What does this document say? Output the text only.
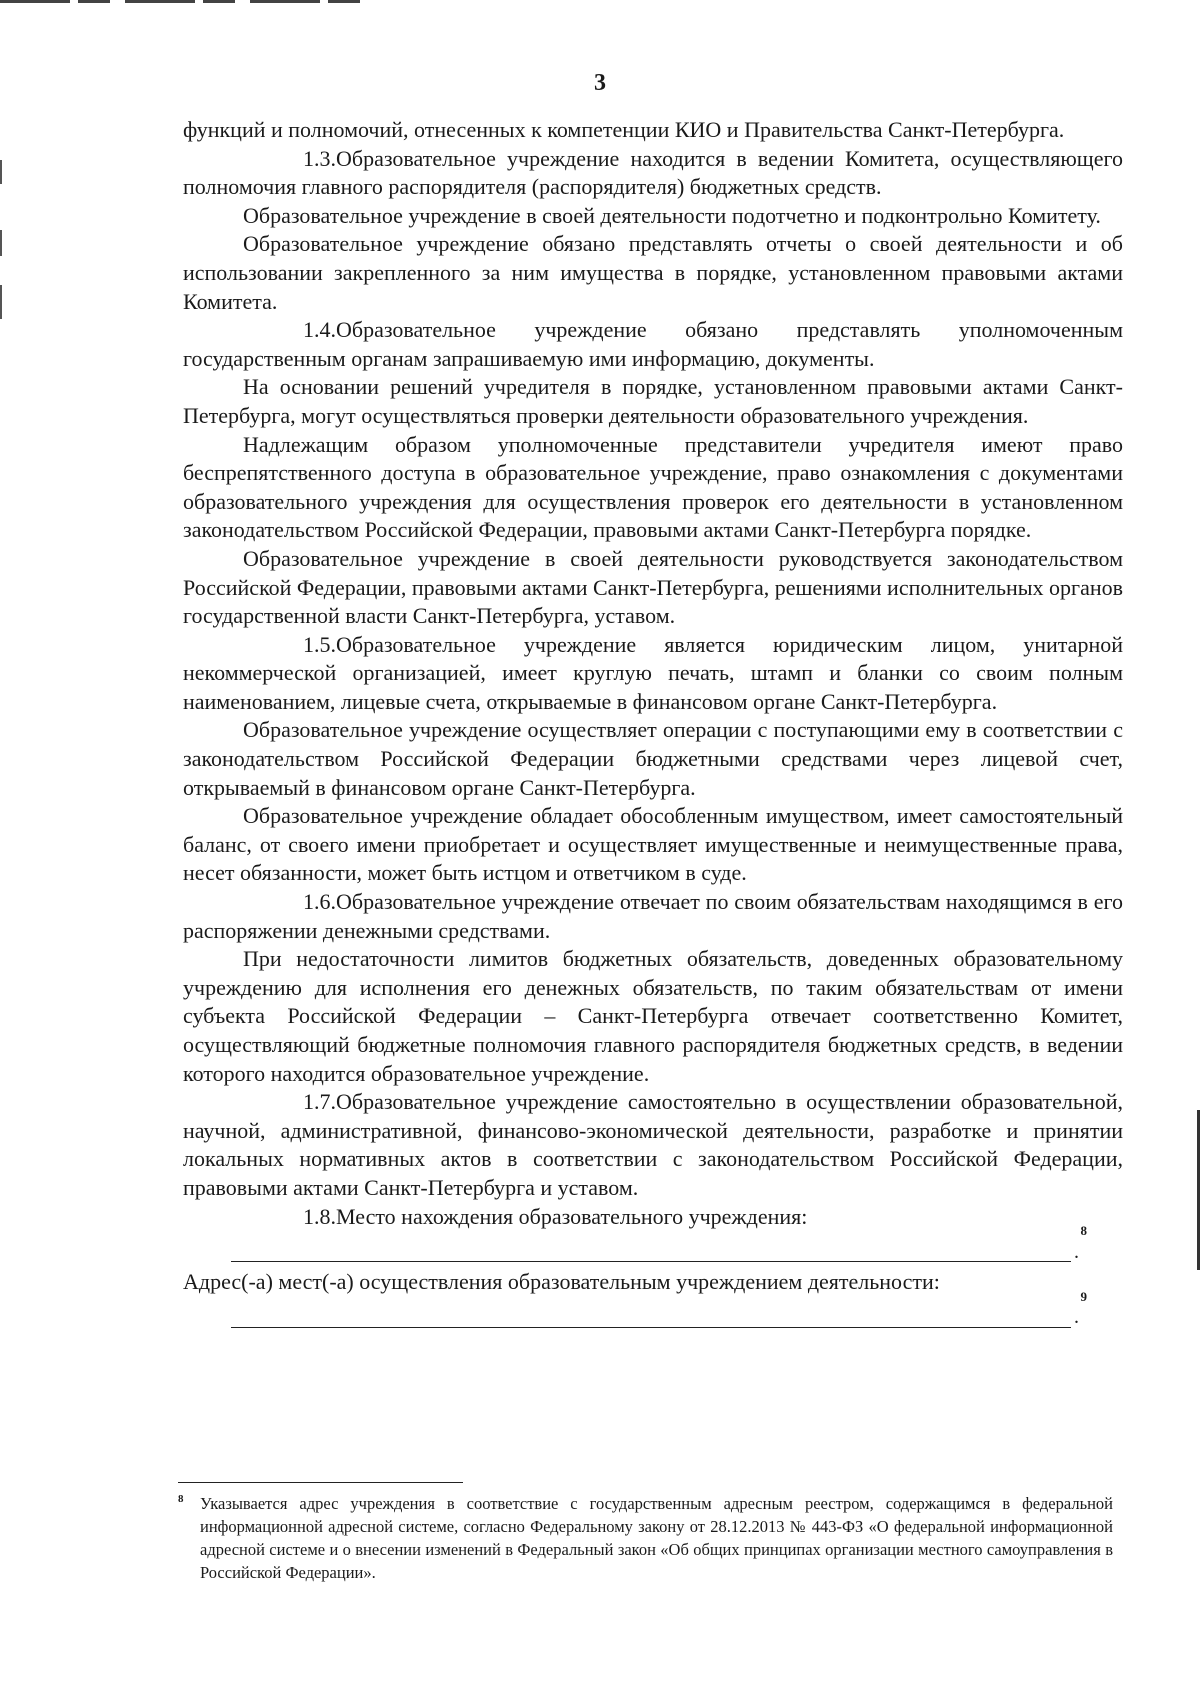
3

функций и полномочий, отнесенных к компетенции КИО и Правительства Санкт-Петербурга.

1.3.Образовательное учреждение находится в ведении Комитета, осуществляющего полномочия главного распорядителя (распорядителя) бюджетных средств.

Образовательное учреждение в своей деятельности подотчетно и подконтрольно Комитету.

Образовательное учреждение обязано представлять отчеты о своей деятельности и об использовании закрепленного за ним имущества в порядке, установленном правовыми актами Комитета.

1.4.Образовательное учреждение обязано представлять уполномоченным государственным органам запрашиваемую ими информацию, документы.

На основании решений учредителя в порядке, установленном правовыми актами Санкт-Петербурга, могут осуществляться проверки деятельности образовательного учреждения.

Надлежащим образом уполномоченные представители учредителя имеют право беспрепятственного доступа в образовательное учреждение, право ознакомления с документами образовательного учреждения для осуществления проверок его деятельности в установленном законодательством Российской Федерации, правовыми актами Санкт-Петербурга порядке.

Образовательное учреждение в своей деятельности руководствуется законодательством Российской Федерации, правовыми актами Санкт-Петербурга, решениями исполнительных органов государственной власти Санкт-Петербурга, уставом.

1.5.Образовательное учреждение является юридическим лицом, унитарной некоммерческой организацией, имеет круглую печать, штамп и бланки со своим полным наименованием, лицевые счета, открываемые в финансовом органе Санкт-Петербурга.

Образовательное учреждение осуществляет операции с поступающими ему в соответствии с законодательством Российской Федерации бюджетными средствами через лицевой счет, открываемый в финансовом органе Санкт-Петербурга.

Образовательное учреждение обладает обособленным имуществом, имеет самостоятельный баланс, от своего имени приобретает и осуществляет имущественные и неимущественные права, несет обязанности, может быть истцом и ответчиком в суде.

1.6.Образовательное учреждение отвечает по своим обязательствам находящимся в его распоряжении денежными средствами.

При недостаточности лимитов бюджетных обязательств, доведенных образовательному учреждению для исполнения его денежных обязательств, по таким обязательствам от имени субъекта Российской Федерации – Санкт-Петербурга отвечает соответственно Комитет, осуществляющий бюджетные полномочия главного распорядителя бюджетных средств, в ведении которого находится образовательное учреждение.

1.7.Образовательное учреждение самостоятельно в осуществлении образовательной, научной, административной, финансово-экономической деятельности, разработке и принятии локальных нормативных актов в соответствии с законодательством Российской Федерации, правовыми актами Санкт-Петербурга и уставом.

1.8.Место нахождения образовательного учреждения:

8
.

Адрес(-а) мест(-а) осуществления образовательным учреждением деятельности:

9
.
8 Указывается адрес учреждения в соответствие с государственным адресным реестром, содержащимся в федеральной информационной адресной системе, согласно Федеральному закону от 28.12.2013 № 443-ФЗ «О федеральной информационной адресной системе и о внесении изменений в Федеральный закон «Об общих принципах организации местного самоуправления в Российской Федерации».
